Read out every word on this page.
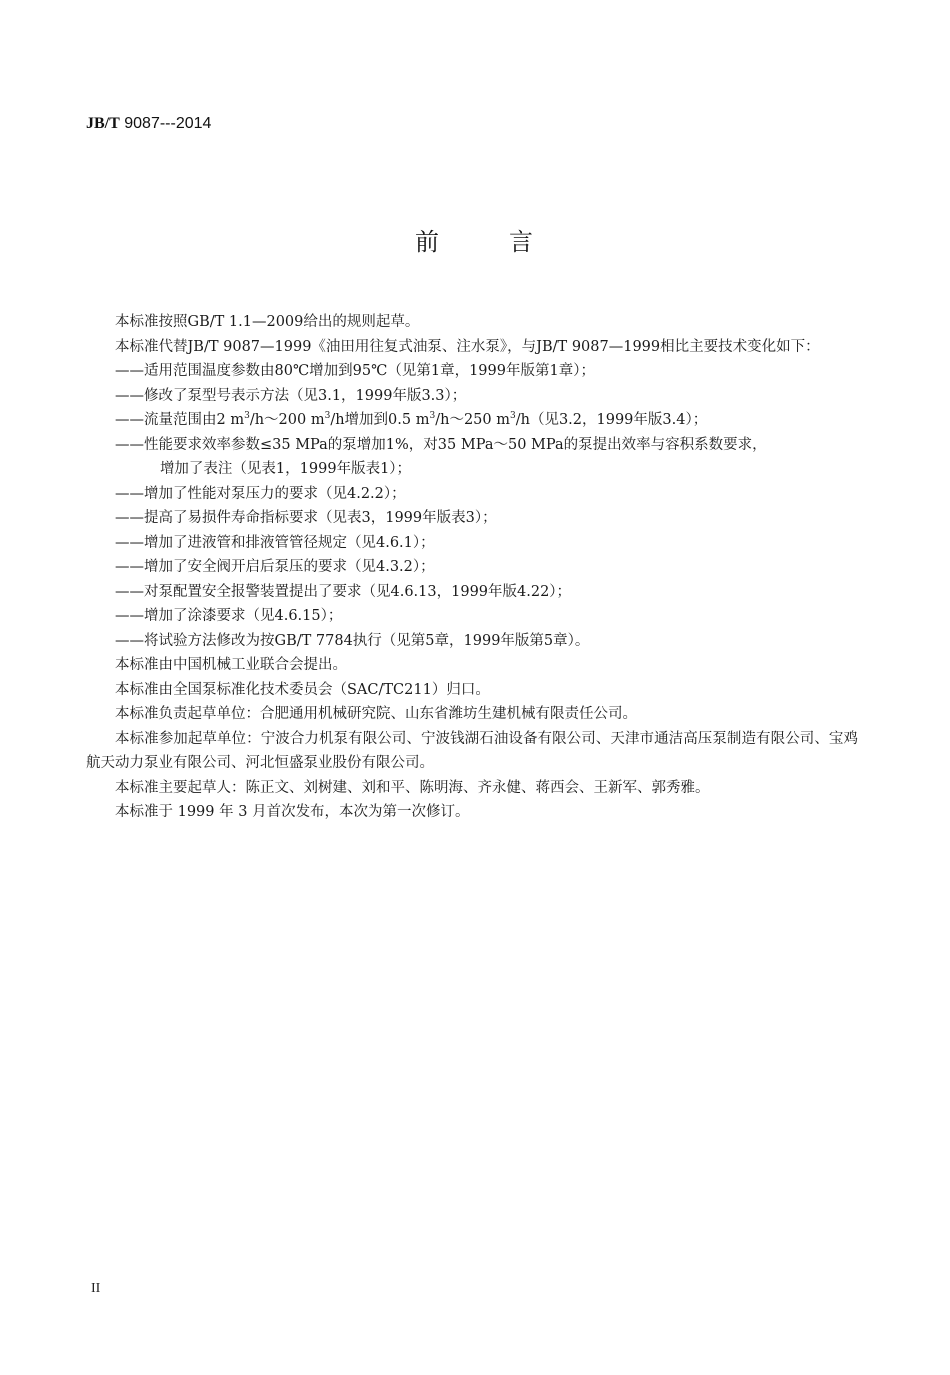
JB/T 9087---2014
前	言

本标准按照GB/T 1.1—2009给出的规则起草。

本标准代替JB/T 9087—1999《油田用往复式油泵、注水泵》，与JB/T 9087—1999相比主要技术变化如下：

——适用范围温度参数由80℃增加到95℃（见第1章，1999年版第1章）；

——修改了泵型号表示方法（见3.1，1999年版3.3）；

——流量范围由2 $m^3/h\sim 200$ $m^3/h$增加到0.5 $m^3/h\sim 250$ $m^3/h$（见3.2，1999年版3.4）；

——性能要求效率参数≤35 MPa的泵增加1%，对35 MPa～50 MPa的泵提出效率与容积系数要求，

增加了表注（见表1，1999年版表1）；

——增加了性能对泵压力的要求（见4.2.2）；

——提高了易损件寿命指标要求（见表3，1999年版表3）；

——增加了进液管和排液管管径规定（见4.6.1）；

——增加了安全阀开启后泵压的要求（见4.3.2）；

——对泵配置安全报警装置提出了要求（见4.6.13，1999年版4.22）；

——增加了涂漆要求（见4.6.15）；

——将试验方法修改为按GB/T 7784执行（见第5章，1999年版第5章）。

本标准由中国机械工业联合会提出。

本标准由全国泵标准化技术委员会（SAC/TC211）归口。

本标准负责起草单位：合肥通用机械研究院、山东省潍坊生建机械有限责任公司。

本标准参加起草单位：宁波合力机泵有限公司、宁波钱湖石油设备有限公司、天津市通洁高压泵制造有限公司、宝鸡航天动力泵业有限公司、河北恒盛泵业股份有限公司。

本标准主要起草人：陈正文、刘树建、刘和平、陈明海、齐永健、蒋西会、王新军、郭秀雅。

本标准于 1999 年 3 月首次发布，本次为第一次修订。

II
